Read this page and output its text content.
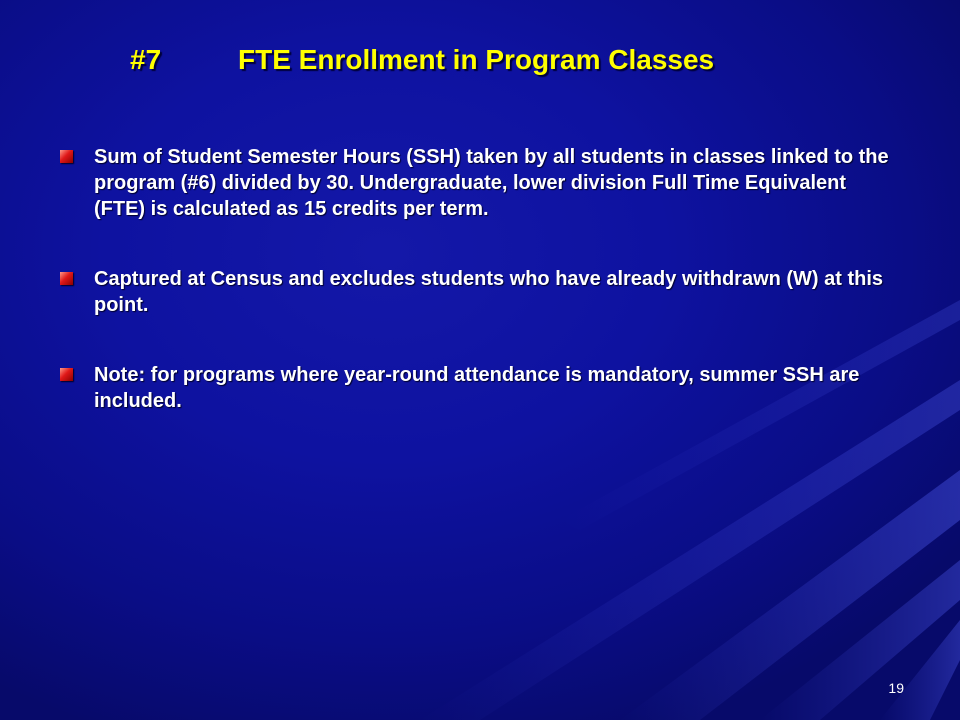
#7	FTE Enrollment in Program Classes
Sum of Student Semester Hours (SSH) taken by all students in classes linked to the program (#6) divided by 30. Undergraduate, lower division Full Time Equivalent (FTE) is calculated as 15 credits per term.
Captured at Census and excludes students who have already withdrawn (W) at this point.
Note: for programs where year-round attendance is mandatory, summer SSH are included.
19
